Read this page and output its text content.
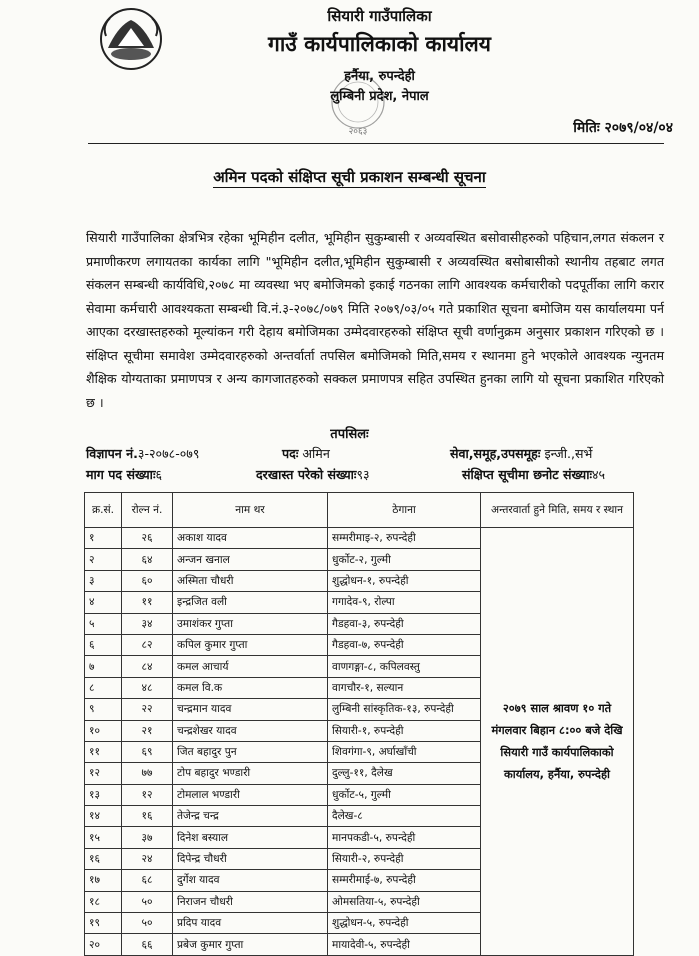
२०६३
सियारी गाउँपालिका
गाउँ कार्यपालिकाको कार्यालय
हर्नैया, रुपन्देही
लुम्बिनी प्रदेश, नेपाल
मितिः २०७९/०४/०४
अमिन पदको संक्षिप्त सूची प्रकाशन सम्बन्धी सूचना
सियारी गाउँपालिका क्षेत्रभित्र रहेका भूमिहीन दलीत, भूमिहीन सुकुम्बासी र अव्यवस्थित बसोवासीहरुको पहिचान,लगत संकलन र प्रमाणीकरण लगायतका कार्यका लागि "भूमिहीन दलीत,भूमिहीन सुकुम्बासी र अव्यवस्थित बसोबासीको स्थानीय तहबाट लगत संकलन सम्बन्धी कार्यविधि,२०७८ मा व्यवस्था भए बमोजिमको इकाई गठनका लागि आवश्यक कर्मचारीको पदपूर्तीका लागि करार सेवामा कर्मचारी आवश्यकता सम्बन्धी वि.नं.३-२०७८/०७९ मिति २०७९/०३/०५ गते प्रकाशित सूचना बमोजिम यस कार्यालयमा पर्न आएका दरखास्तहरुको मूल्यांकन गरी देहाय बमोजिमका उम्मेदवारहरुको संक्षिप्त सूची वर्णानुक्रम अनुसार प्रकाशन गरिएको छ । संक्षिप्त सूचीमा समावेश उम्मेदवारहरुको अन्तर्वार्ता तपसिल बमोजिमको मिति,समय र स्थानमा हुने भएकोले आवश्यक न्युनतम शैक्षिक योग्यताका प्रमाणपत्र र अन्य कागजातहरुको सक्कल प्रमाणपत्र सहित उपस्थित हुनका लागि यो सूचना प्रकाशित गरिएको छ ।
तपसिलः
विज्ञापन नं.३-२०७८-०७९	पदः अमिन	सेवा,समूह,उपसमूहः इन्जी.,सर्भे
माग पद संख्याः६	दरखास्त परेको संख्याः९३	संक्षिप्त सूचीमा छनोट संख्याः४५
क्र.सं.	रोल्न नं.	नाम थर	ठेगाना	अन्तरवार्ता हुने मिति, समय र स्थान
१	२६	अकाश यादव	सम्मरीमाइ-२, रुपन्देही	२०७९ साल श्रावण १० गते मंगलवार बिहान ८:०० बजे देखि सियारी गाउँ कार्यपालिकाको कार्यालय, हर्नैया, रुपन्देही
२	६४	अन्जन खनाल	धुर्कोट-२, गुल्मी	
३	६०	अस्मिता चौधरी	शुद्धोधन-१, रुपन्देही	
४	११	इन्द्रजित वली	गगादेव-९, रोल्पा	
५	३४	उमाशंकर गुप्ता	गैडहवा-३, रुपन्देही	
६	८२	कपिल कुमार गुप्ता	गैडहवा-७, रुपन्देही	
७	८४	कमल आचार्य	वाणगङ्गा-८, कपिलवस्तु	
८	४८	कमल वि.क	वागचौर-१, सल्यान	
९	२२	चन्द्रमान यादव	लुम्बिनी सांस्कृतिक-१३, रुपन्देही	
१०	२१	चन्द्रशेखर यादव	सियारी-१, रुपन्देही	
११	६९	जित बहादुर पुन	शिवगंगा-९, अर्घाखाँची	
१२	७७	टोप बहादुर भण्डारी	दुल्लु-११, दैलेख	
१३	१२	टोमलाल भण्डारी	धुर्कोट-५, गुल्मी	
१४	१६	तेजेन्द्र चन्द्र	दैलेख-८	
१५	३७	दिनेश बस्याल	मानपकडी-५, रुपन्देही	
१६	२४	दिपेन्द्र चौधरी	सियारी-२, रुपन्देही	
१७	६८	दुर्गेश यादव	सम्मरीमाई-७, रुपन्देही	
१८	५०	निराजन चौधरी	ओमसतिया-५, रुपन्देही	
१९	५०	प्रदिप यादव	शुद्धोधन-५, रुपन्देही	
२०	६६	प्रबेज कुमार गुप्ता	मायादेवी-५, रुपन्देही	
